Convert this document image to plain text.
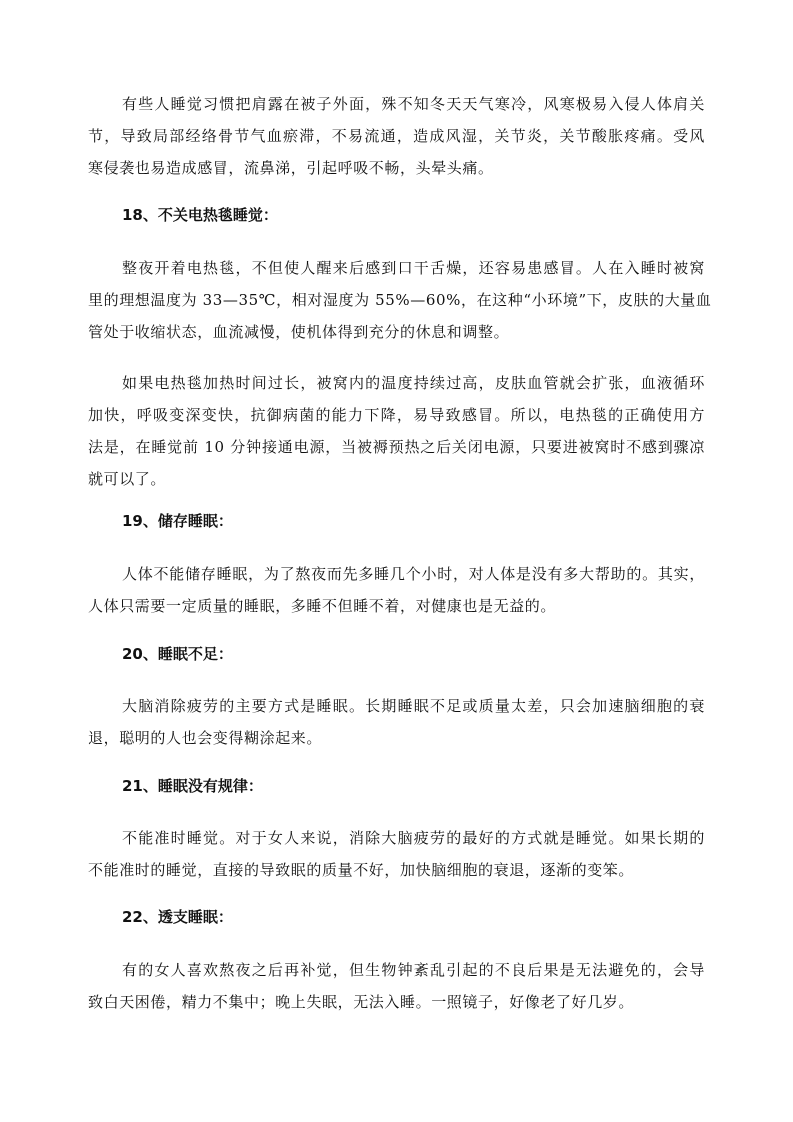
有些人睡觉习惯把肩露在被子外面，殊不知冬天天气寒冷，风寒极易入侵人体肩关
节，导致局部经络骨节气血瘀滞，不易流通，造成风湿，关节炎，关节酸胀疼痛。受风
寒侵袭也易造成感冒，流鼻涕，引起呼吸不畅，头晕头痛。
18、不关电热毯睡觉：
整夜开着电热毯，不但使人醒来后感到口干舌燥，还容易患感冒。人在入睡时被窝
里的理想温度为 33—35℃，相对湿度为 55%—60%，在这种“小环境”下，皮肤的大量血
管处于收缩状态，血流减慢，使机体得到充分的休息和调整。
如果电热毯加热时间过长，被窝内的温度持续过高，皮肤血管就会扩张，血液循环
加快，呼吸变深变快，抗御病菌的能力下降，易导致感冒。所以，电热毯的正确使用方
法是，在睡觉前 10 分钟接通电源，当被褥预热之后关闭电源，只要进被窝时不感到骤凉
就可以了。
19、储存睡眠：
人体不能储存睡眠，为了熬夜而先多睡几个小时，对人体是没有多大帮助的。其实，
人体只需要一定质量的睡眠，多睡不但睡不着，对健康也是无益的。
20、睡眠不足：
大脑消除疲劳的主要方式是睡眠。长期睡眠不足或质量太差，只会加速脑细胞的衰
退，聪明的人也会变得糊涂起来。
21、睡眠没有规律：
不能准时睡觉。对于女人来说，消除大脑疲劳的最好的方式就是睡觉。如果长期的
不能准时的睡觉，直接的导致眠的质量不好，加快脑细胞的衰退，逐渐的变笨。
22、透支睡眠：
有的女人喜欢熬夜之后再补觉，但生物钟紊乱引起的不良后果是无法避免的，会导
致白天困倦，精力不集中；晚上失眠，无法入睡。一照镜子，好像老了好几岁。
